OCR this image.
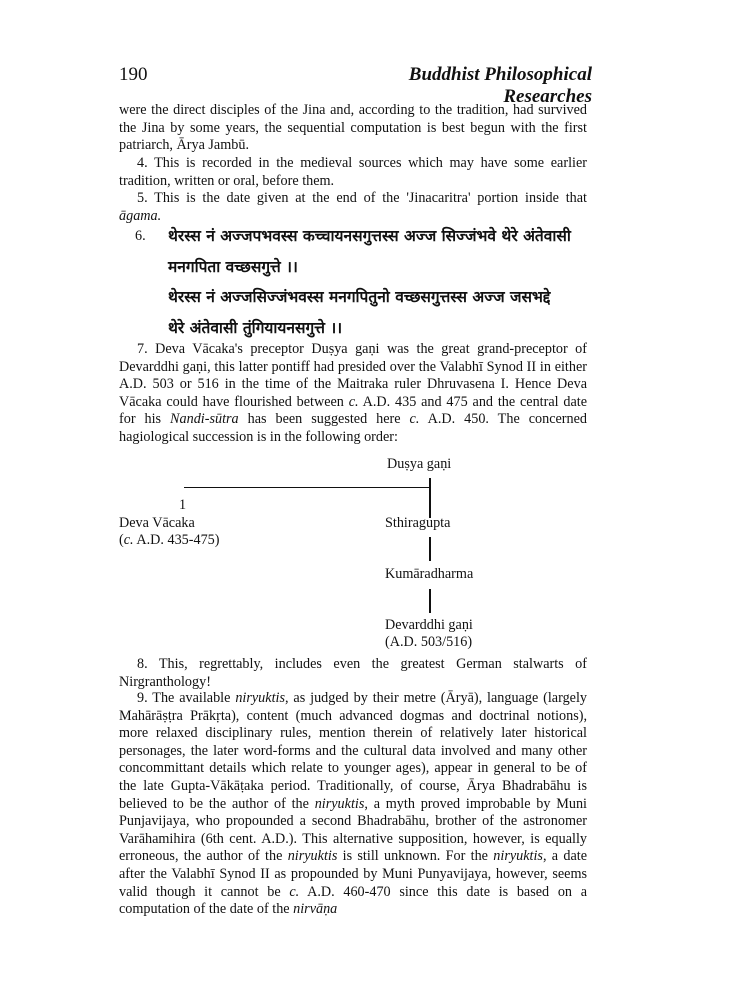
190	Buddhist Philosophical Researches
were the direct disciples of the Jina and, according to the tradition, had survived the Jina by some years, the sequential computation is best begun with the first patriarch, Ārya Jambū.
4. This is recorded in the medieval sources which may have some earlier tradition, written or oral, before them.
5. This is the date given at the end of the 'Jinacaritra' portion inside that āgama.
6. थेरस्स नं अज्जपभवस्स कच्चायनसगुत्तस्स अज्ज सिज्जंभवे थेरे अंतेवासी
मनगपिता वच्छसगुत्ते ।।
थेरस्स नं अज्जसिज्जंभवस्स मनगपितुनो वच्छसगुत्तस्स अज्ज जसभद्दे
थेरे अंतेवासी तुंगियायनसगुत्ते ।।
7. Deva Vācaka's preceptor Duṣya gaṇi was the great grand-preceptor of Devarddhi gaṇi, this latter pontiff had presided over the Valabhī Synod II in either A.D. 503 or 516 in the time of the Maitraka ruler Dhruvasena I. Hence Deva Vācaka could have flourished between c. A.D. 435 and 475 and the central date for his Nandi-sūtra has been suggested here c. A.D. 450. The concerned hagiological succession is in the following order:
Duṣya gaṇi
1
Deva Vācaka
(c. A.D. 435-475)
Sthiragupta
Kumāradharma
Devarddhi gaṇi
(A.D. 503/516)
8. This, regrettably, includes even the greatest German stalwarts of Nirgranthology!
9. The available niryuktis, as judged by their metre (Āryā), language (largely Mahārāṣṭra Prākṛta), content (much advanced dogmas and doctrinal notions), more relaxed disciplinary rules, mention therein of relatively later historical personages, the later word-forms and the cultural data involved and many other concommittant details which relate to younger ages), appear in general to be of the late Gupta-Vākāṭaka period. Traditionally, of course, Ārya Bhadrabāhu is believed to be the author of the niryuktis, a myth proved improbable by Muni Punjavijaya, who propounded a second Bhadrabāhu, brother of the astronomer Varāhamihira (6th cent. A.D.). This alternative supposition, however, is equally erroneous, the author of the niryuktis is still unknown. For the niryuktis, a date after the Valabhī Synod II as propounded by Muni Punyavijaya, however, seems valid though it cannot be c. A.D. 460-470 since this date is based on a computation of the date of the nirvāṇa
